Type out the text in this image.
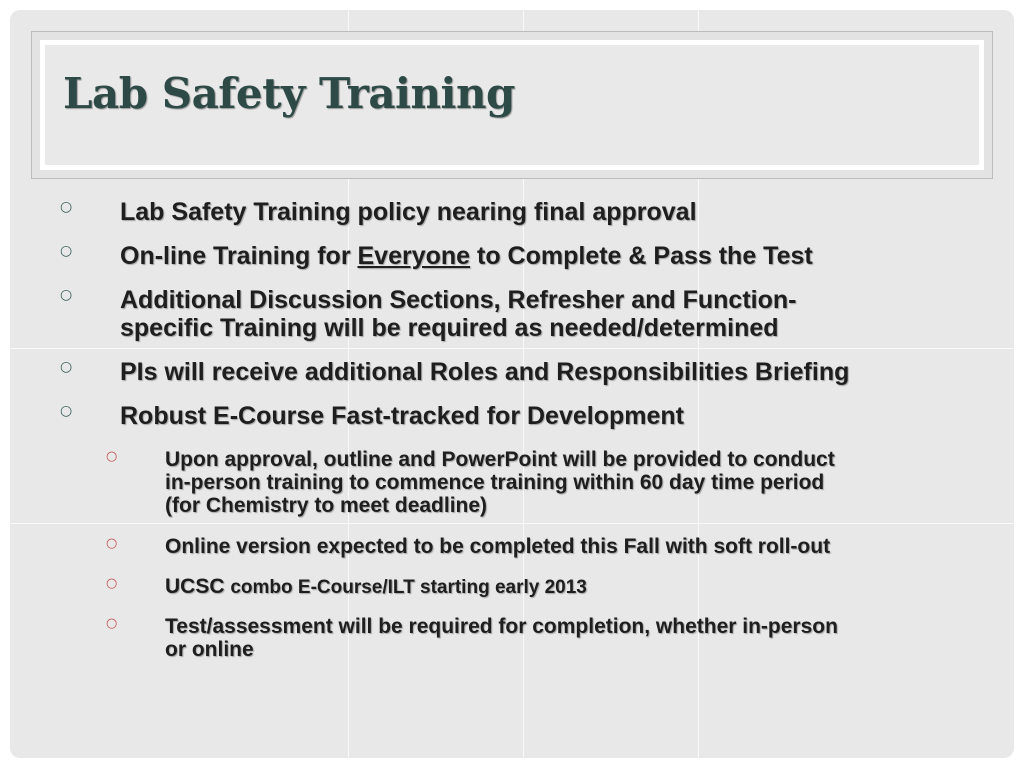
Lab Safety Training
○ Lab Safety Training policy nearing final approval

○ On-line Training for Everyone to Complete & Pass the Test

○ Additional Discussion Sections, Refresher and Function-
specific Training will be required as needed/determined

○ PIs will receive additional Roles and Responsibilities Briefing

○ Robust E-Course Fast-tracked for Development

○ Upon approval, outline and PowerPoint will be provided to conduct
in-person training to commence training within 60 day time period
(for Chemistry to meet deadline)

○ Online version expected to be completed this Fall with soft roll-out

○ UCSC combo E-Course/ILT starting early 2013

○ Test/assessment will be required for completion, whether in-person
or online
